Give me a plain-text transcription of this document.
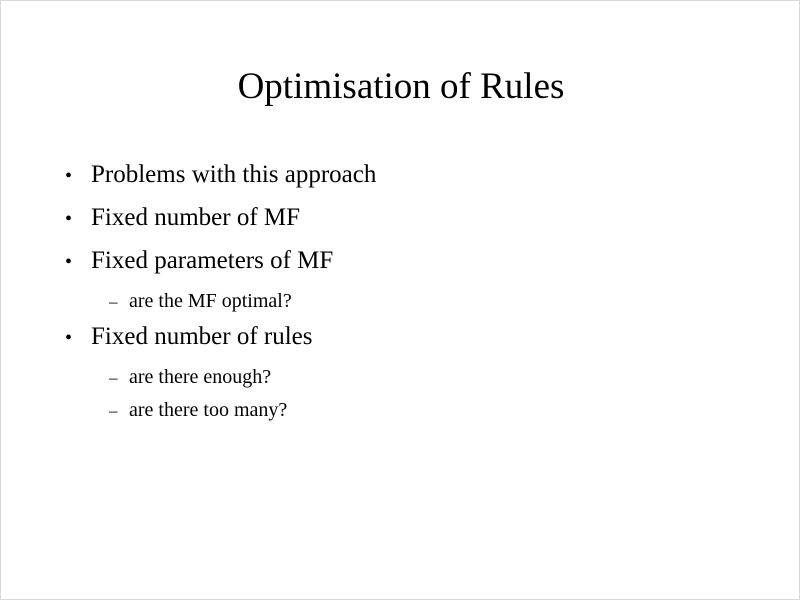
Optimisation of Rules
• Problems with this approach
• Fixed number of MF
• Fixed parameters of MF
– are the MF optimal?
• Fixed number of rules
– are there enough?
– are there too many?
